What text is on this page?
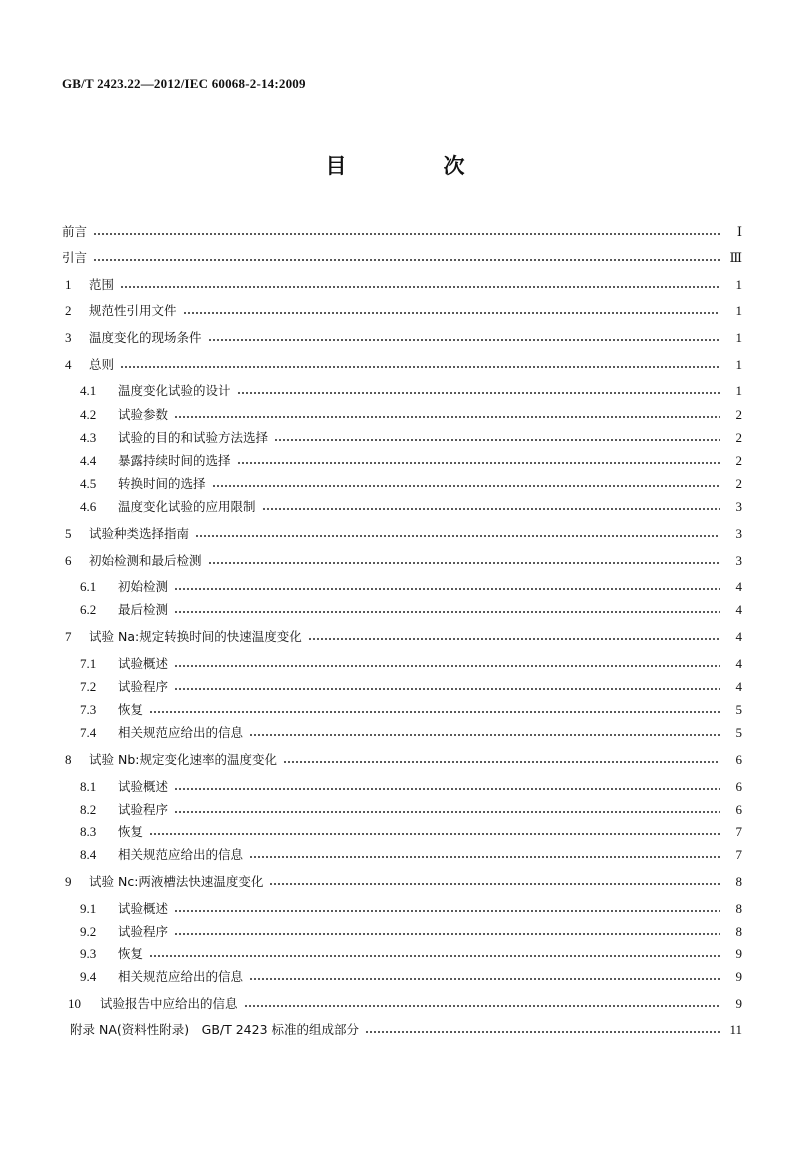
GB/T 2423.22—2012/IEC 60068-2-14:2009
目　次
前言	Ⅰ
引言	Ⅲ
1	范围	1
2	规范性引用文件	1
3	温度变化的现场条件	1
4	总则	1
4.1	温度变化试验的设计	1
4.2	试验参数	2
4.3	试验的目的和试验方法选择	2
4.4	暴露持续时间的选择	2
4.5	转换时间的选择	2
4.6	温度变化试验的应用限制	3
5	试验种类选择指南	3
6	初始检测和最后检测	3
6.1	初始检测	4
6.2	最后检测	4
7	试验 Na:规定转换时间的快速温度变化	4
7.1	试验概述	4
7.2	试验程序	4
7.3	恢复	5
7.4	相关规范应给出的信息	5
8	试验 Nb:规定变化速率的温度变化	6
8.1	试验概述	6
8.2	试验程序	6
8.3	恢复	7
8.4	相关规范应给出的信息	7
9	试验 Nc:两液槽法快速温度变化	8
9.1	试验概述	8
9.2	试验程序	8
9.3	恢复	9
9.4	相关规范应给出的信息	9
10	试验报告中应给出的信息	9
附录 NA(资料性附录)　GB/T 2423 标准的组成部分	11
